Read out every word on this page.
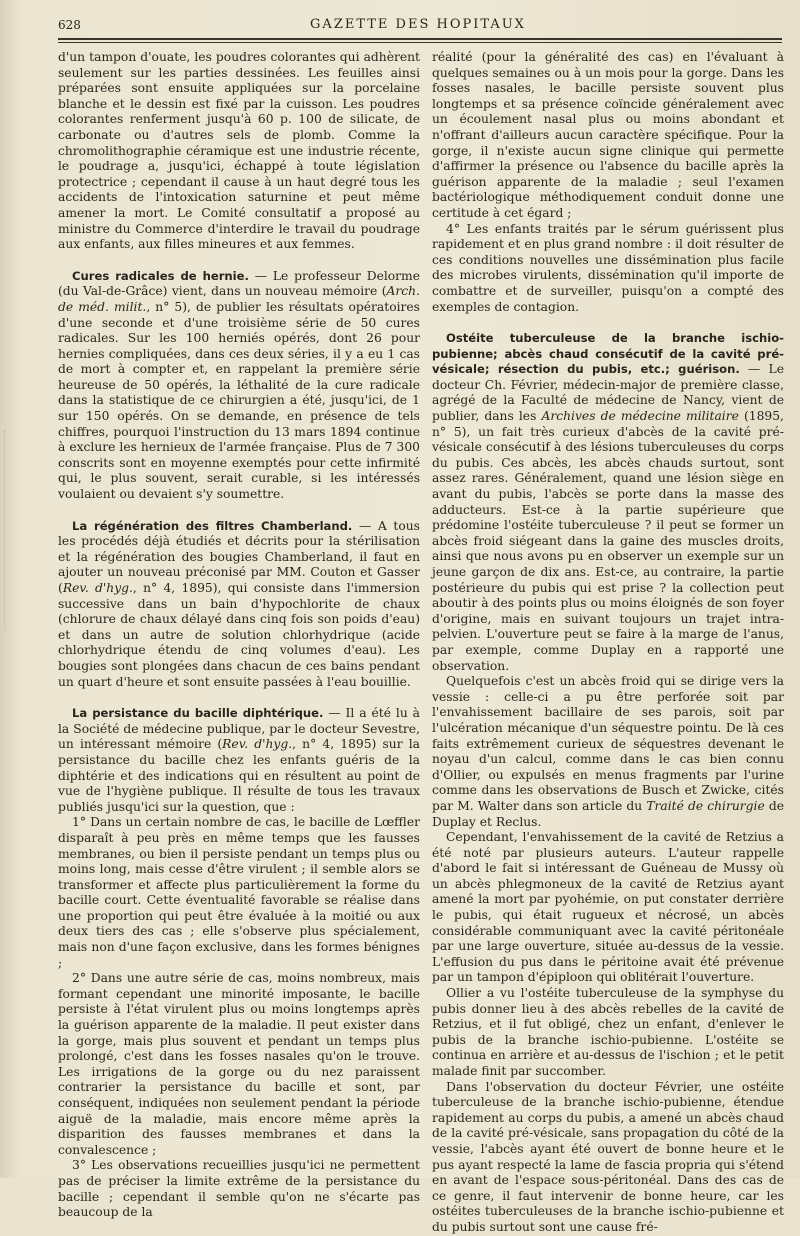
628	GAZETTE DES HOPITAUX

d'un tampon d'ouate, les poudres colorantes qui adhèrent seulement sur les parties dessinées. Les feuilles ainsi préparées sont ensuite appliquées sur la porcelaine blanche et le dessin est fixé par la cuisson. Les poudres colorantes renferment jusqu'à 60 p. 100 de silicate, de carbonate ou d'autres sels de plomb. Comme la chromolithographie céramique est une industrie récente, le poudrage a, jusqu'ici, échappé à toute législation protectrice ; cependant il cause à un haut degré tous les accidents de l'intoxication saturnine et peut même amener la mort. Le Comité consultatif a proposé au ministre du Commerce d'interdire le travail du poudrage aux enfants, aux filles mineures et aux femmes.

Cures radicales de hernie. — Le professeur Delorme (du Val-de-Grâce) vient, dans un nouveau mémoire (Arch. de méd. milit., n° 5), de publier les résultats opératoires d'une seconde et d'une troisième série de 50 cures radicales. Sur les 100 herniés opérés, dont 26 pour hernies compliquées, dans ces deux séries, il y a eu 1 cas de mort à compter et, en rappelant la première série heureuse de 50 opérés, la léthalité de la cure radicale dans la statistique de ce chirurgien a été, jusqu'ici, de 1 sur 150 opérés. On se demande, en présence de tels chiffres, pourquoi l'instruction du 13 mars 1894 continue à exclure les hernieux de l'armée française. Plus de 7 300 conscrits sont en moyenne exemptés pour cette infirmité qui, le plus souvent, serait curable, si les intéressés voulaient ou devaient s'y soumettre.

La régénération des filtres Chamberland. — A tous les procédés déjà étudiés et décrits pour la stérilisation et la régénération des bougies Chamberland, il faut en ajouter un nouveau préconisé par MM. Couton et Gasser (Rev. d'hyg., n° 4, 1895), qui consiste dans l'immersion successive dans un bain d'hypochlorite de chaux (chlorure de chaux délayé dans cinq fois son poids d'eau) et dans un autre de solution chlorhydrique (acide chlorhydrique étendu de cinq volumes d'eau). Les bougies sont plongées dans chacun de ces bains pendant un quart d'heure et sont ensuite passées à l'eau bouillie.

La persistance du bacille diphtérique. — Il a été lu à la Société de médecine publique, par le docteur Sevestre, un intéressant mémoire (Rev. d'hyg., n° 4, 1895) sur la persistance du bacille chez les enfants guéris de la diphtérie et des indications qui en résultent au point de vue de l'hygiène publique. Il résulte de tous les travaux publiés jusqu'ici sur la question, que :

1° Dans un certain nombre de cas, le bacille de Lœffler disparaît à peu près en même temps que les fausses membranes, ou bien il persiste pendant un temps plus ou moins long, mais cesse d'être virulent ; il semble alors se transformer et affecte plus particulièrement la forme du bacille court. Cette éventualité favorable se réalise dans une proportion qui peut être évaluée à la moitié ou aux deux tiers des cas ; elle s'observe plus spécialement, mais non d'une façon exclusive, dans les formes bénignes ;

2° Dans une autre série de cas, moins nombreux, mais formant cependant une minorité imposante, le bacille persiste à l'état virulent plus ou moins longtemps après la guérison apparente de la maladie. Il peut exister dans la gorge, mais plus souvent et pendant un temps plus prolongé, c'est dans les fosses nasales qu'on le trouve. Les irrigations de la gorge ou du nez paraissent contrarier la persistance du bacille et sont, par conséquent, indiquées non seulement pendant la période aiguë de la maladie, mais encore même après la disparition des fausses membranes et dans la convalescence ;

3° Les observations recueillies jusqu'ici ne permettent pas de préciser la limite extrême de la persistance du bacille ; cependant il semble qu'on ne s'écarte pas beaucoup de la

réalité (pour la généralité des cas) en l'évaluant à quelques semaines ou à un mois pour la gorge. Dans les fosses nasales, le bacille persiste souvent plus longtemps et sa présence coïncide généralement avec un écoulement nasal plus ou moins abondant et n'offrant d'ailleurs aucun caractère spécifique. Pour la gorge, il n'existe aucun signe clinique qui permette d'affirmer la présence ou l'absence du bacille après la guérison apparente de la maladie ; seul l'examen bactériologique méthodiquement conduit donne une certitude à cet égard ;

4° Les enfants traités par le sérum guérissent plus rapidement et en plus grand nombre : il doit résulter de ces conditions nouvelles une dissémination plus facile des microbes virulents, dissémination qu'il importe de combattre et de surveiller, puisqu'on a compté des exemples de contagion.

Ostéite tuberculeuse de la branche ischio-pubienne; abcès chaud consécutif de la cavité pré-vésicale; résection du pubis, etc.; guérison. — Le docteur Ch. Février, médecin-major de première classe, agrégé de la Faculté de médecine de Nancy, vient de publier, dans les Archives de médecine militaire (1895, n° 5), un fait très curieux d'abcès de la cavité pré-vésicale consécutif à des lésions tuberculeuses du corps du pubis. Ces abcès, les abcès chauds surtout, sont assez rares. Généralement, quand une lésion siège en avant du pubis, l'abcès se porte dans la masse des adducteurs. Est-ce à la partie supérieure que prédomine l'ostéite tuberculeuse ? il peut se former un abcès froid siégeant dans la gaine des muscles droits, ainsi que nous avons pu en observer un exemple sur un jeune garçon de dix ans. Est-ce, au contraire, la partie postérieure du pubis qui est prise ? la collection peut aboutir à des points plus ou moins éloignés de son foyer d'origine, mais en suivant toujours un trajet intra-pelvien. L'ouverture peut se faire à la marge de l'anus, par exemple, comme Duplay en a rapporté une observation.

Quelquefois c'est un abcès froid qui se dirige vers la vessie : celle-ci a pu être perforée soit par l'envahissement bacillaire de ses parois, soit par l'ulcération mécanique d'un séquestre pointu. De là ces faits extrêmement curieux de séquestres devenant le noyau d'un calcul, comme dans le cas bien connu d'Ollier, ou expulsés en menus fragments par l'urine comme dans les observations de Busch et Zwicke, cités par M. Walter dans son article du Traité de chirurgie de Duplay et Reclus.

Cependant, l'envahissement de la cavité de Retzius a été noté par plusieurs auteurs. L'auteur rappelle d'abord le fait si intéressant de Guéneau de Mussy où un abcès phlegmoneux de la cavité de Retzius ayant amené la mort par pyohémie, on put constater derrière le pubis, qui était rugueux et nécrosé, un abcès considérable communiquant avec la cavité péritonéale par une large ouverture, située au-dessus de la vessie. L'effusion du pus dans le péritoine avait été prévenue par un tampon d'épiploon qui oblitérait l'ouverture.

Ollier a vu l'ostéite tuberculeuse de la symphyse du pubis donner lieu à des abcès rebelles de la cavité de Retzius, et il fut obligé, chez un enfant, d'enlever le pubis de la branche ischio-pubienne. L'ostéite se continua en arrière et au-dessus de l'ischion ; et le petit malade finit par succomber.

Dans l'observation du docteur Février, une ostéite tuberculeuse de la branche ischio-pubienne, étendue rapidement au corps du pubis, a amené un abcès chaud de la cavité pré-vésicale, sans propagation du côté de la vessie, l'abcès ayant été ouvert de bonne heure et le pus ayant respecté la lame de fascia propria qui s'étend en avant de l'espace sous-péritonéal. Dans des cas de ce genre, il faut intervenir de bonne heure, car les ostéites tuberculeuses de la branche ischio-pubienne et du pubis surtout sont une cause fré-
